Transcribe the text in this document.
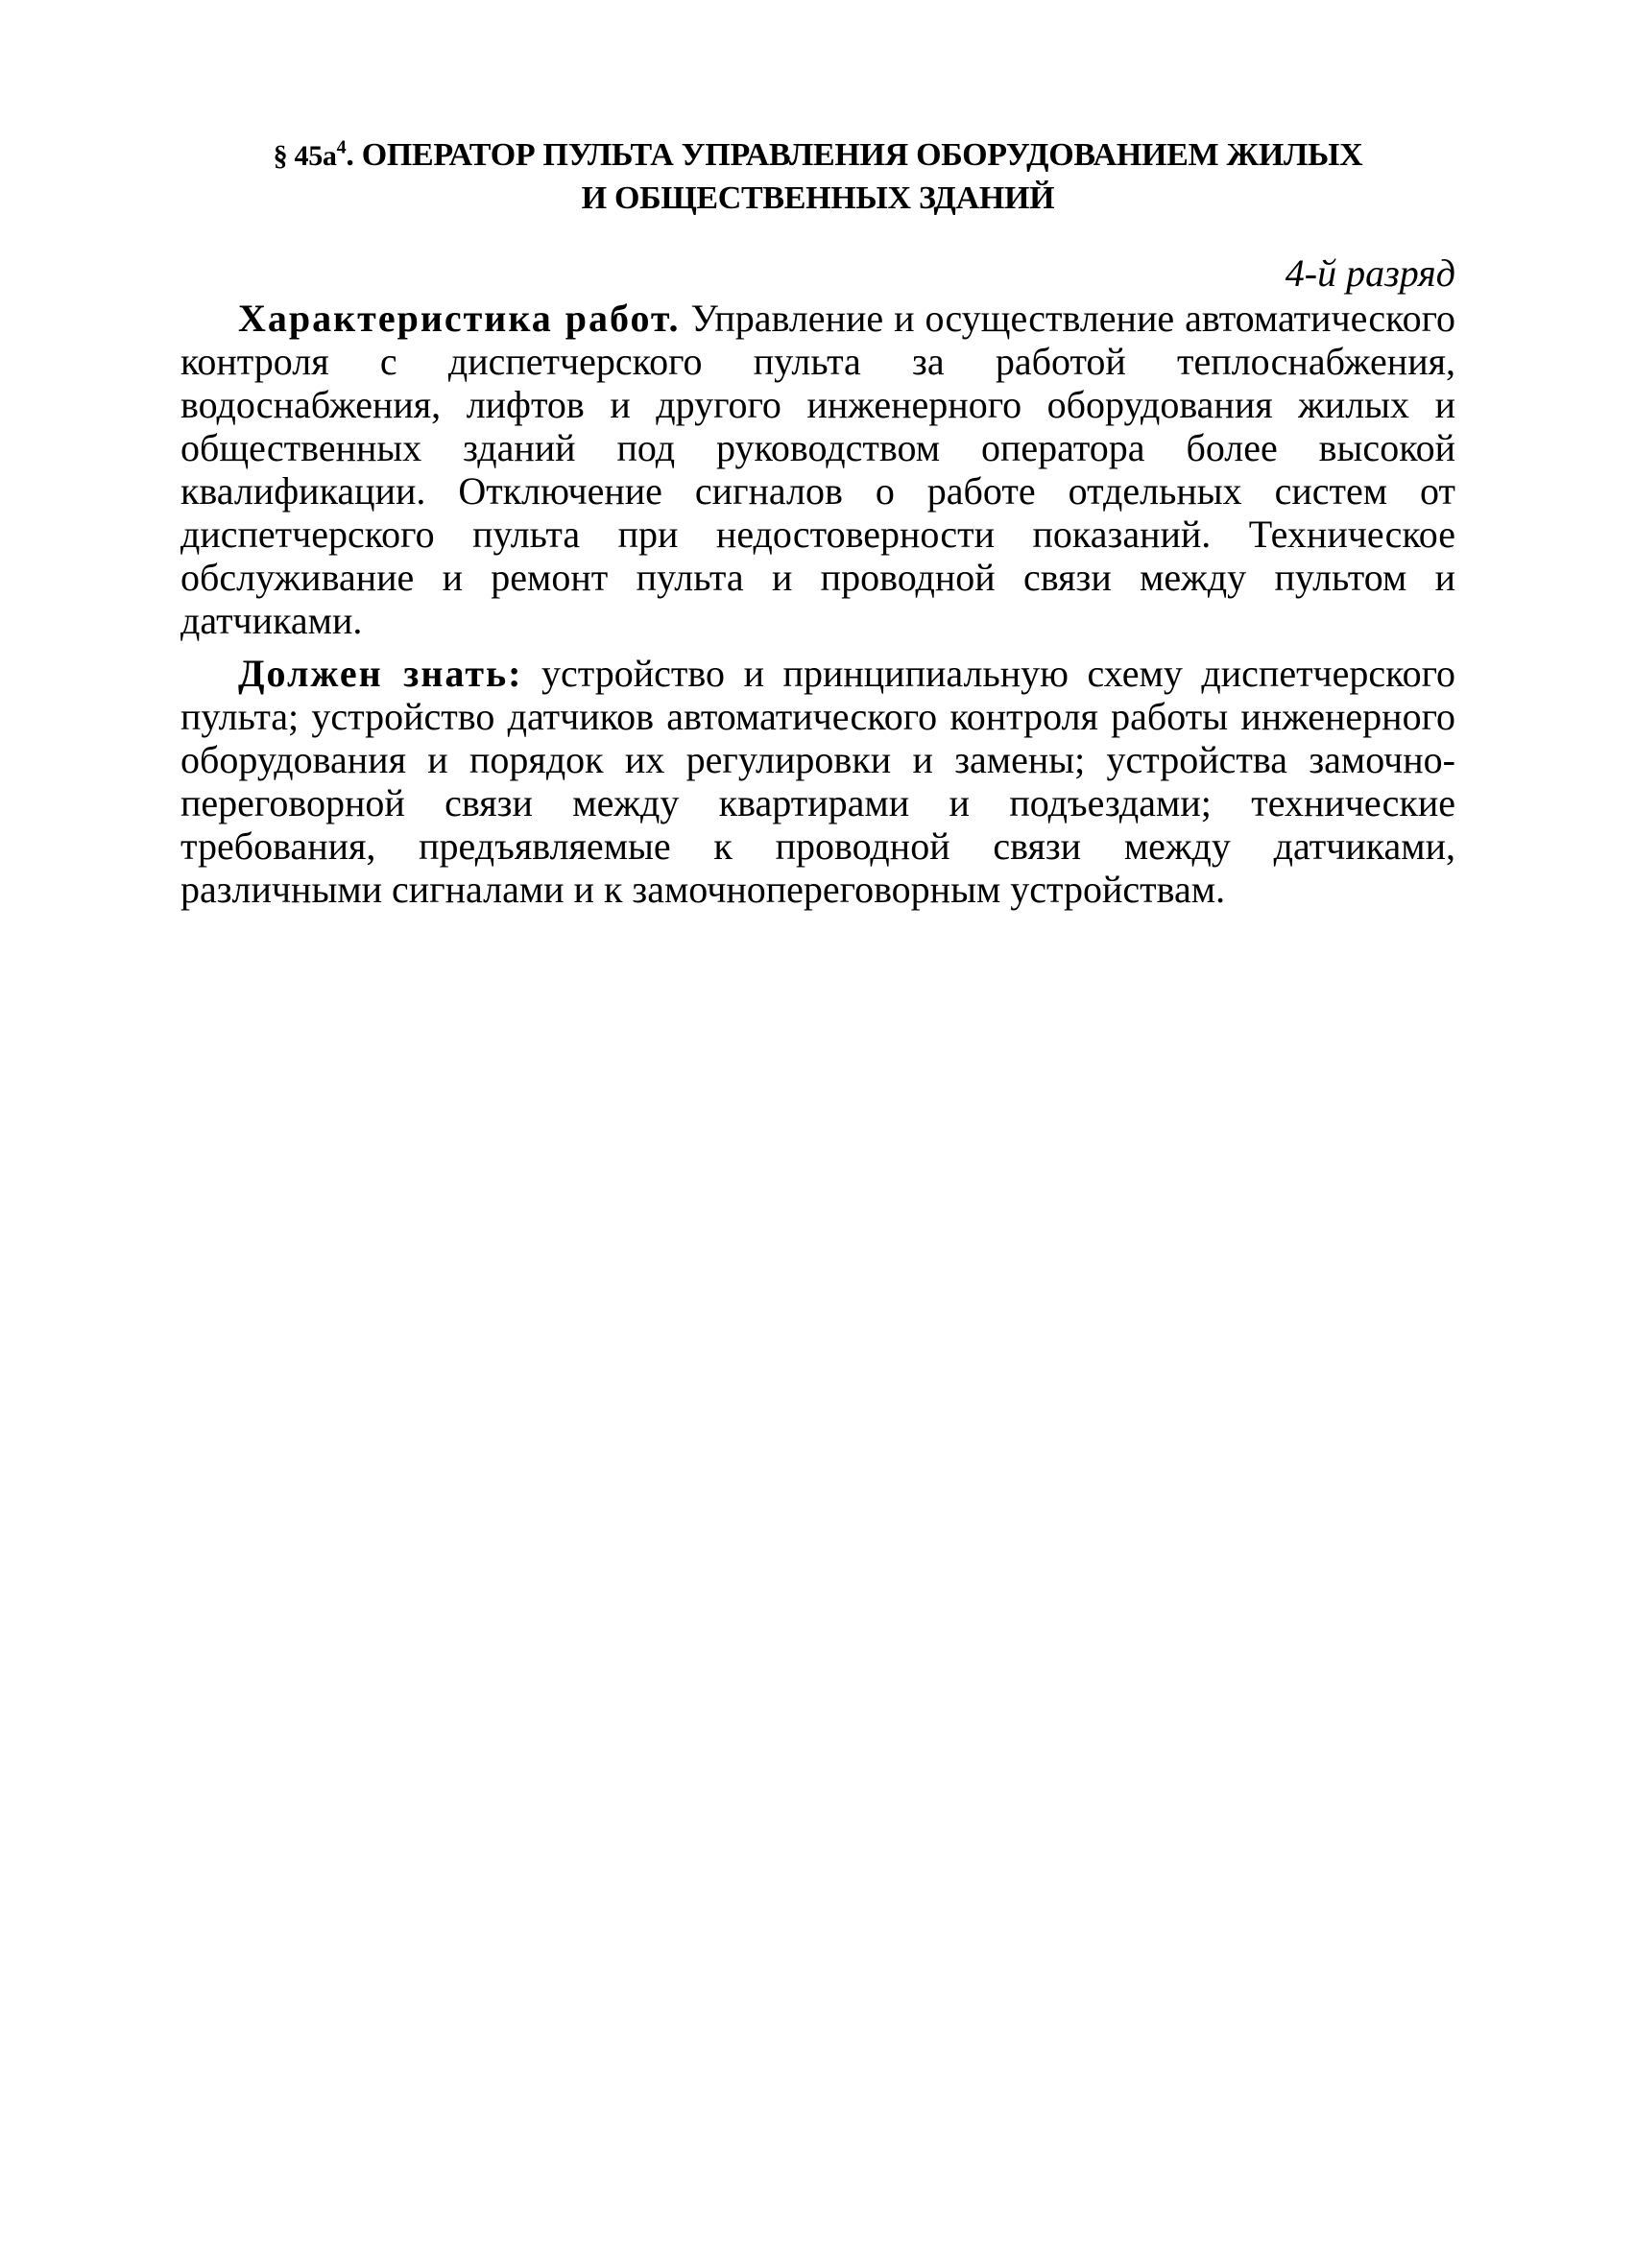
§ $45а^4$. ОПЕРАТОР ПУЛЬТА УПРАВЛЕНИЯ ОБОРУДОВАНИЕМ ЖИЛЫХ
И ОБЩЕСТВЕННЫХ ЗДАНИЙ

4-й разряд

Характеристика работ. Управление и осуществление автоматического контроля с диспетчерского пульта за работой теплоснабжения, водоснабжения, лифтов и другого инженерного оборудования жилых и общественных зданий под руководством оператора более высокой квалификации. Отключение сигналов о работе отдельных систем от диспетчерского пульта при недостоверности показаний. Техническое обслуживание и ремонт пульта и проводной связи между пультом и датчиками.

Должен знать: устройство и принципиальную схему диспетчерского пульта; устройство датчиков автоматического контроля работы инженерного оборудования и порядок их регулировки и замены; устройства замочно-переговорной связи между квартирами и подъездами; технические требования, предъявляемые к проводной связи между датчиками, различными сигналами и к замочнопереговорным устройствам.
